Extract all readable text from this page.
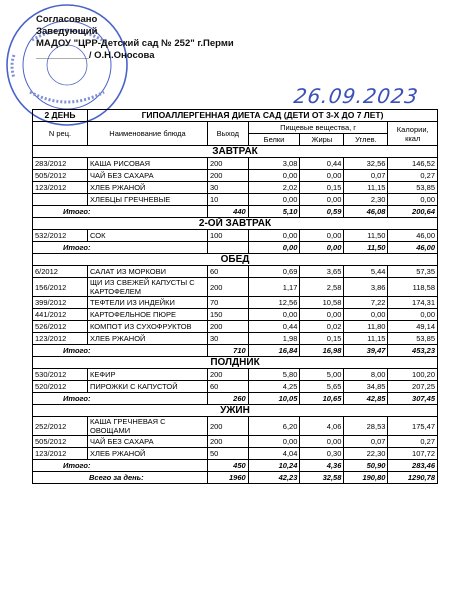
Согласовано
Заведующий
МАДОУ "ЦРР-Детский сад № 252" г.Перми
__________/ О.Н.Оносова
26.09.2023
2 ДЕНЬ	ГИПОАЛЛЕРГЕННАЯ ДИЕТА САД (ДЕТИ ОТ 3-Х ДО 7 ЛЕТ)					
N рец.	Наименование блюда	Выход	Пищевые вещества, г			Калории, ккал
			Белки	Жиры	Углев.	
ЗАВТРАК						
283/2012	КАША РИСОВАЯ	200	3,08	0,44	32,56	146,52
505/2012	ЧАЙ БЕЗ САХАРА	200	0,00	0,00	0,07	0,27
123/2012	ХЛЕБ РЖАНОЙ	30	2,02	0,15	11,15	53,85
	ХЛЕБЦЫ ГРЕЧНЕВЫЕ	10	0,00	0,00	2,30	0,00
Итого:		440	5,10	0,59	46,08	200,64
2-ОЙ ЗАВТРАК						
532/2012	СОК	100	0,00	0,00	11,50	46,00
Итого:			0,00	0,00	11,50	46,00
ОБЕД						
6/2012	САЛАТ ИЗ МОРКОВИ	60	0,69	3,65	5,44	57,35
156/2012	ЩИ ИЗ СВЕЖЕЙ КАПУСТЫ С КАРТОФЕЛЕМ	200	1,17	2,58	3,86	118,58
399/2012	ТЕФТЕЛИ ИЗ ИНДЕЙКИ	70	12,56	10,58	7,22	174,31
441/2012	КАРТОФЕЛЬНОЕ ПЮРЕ	150	0,00	0,00	0,00	0,00
526/2012	КОМПОТ ИЗ СУХОФРУКТОВ	200	0,44	0,02	11,80	49,14
123/2012	ХЛЕБ РЖАНОЙ	30	1,98	0,15	11,15	53,85
Итого:		710	16,84	16,98	39,47	453,23
ПОЛДНИК						
530/2012	КЕФИР	200	5,80	5,00	8,00	100,20
520/2012	ПИРОЖКИ С КАПУСТОЙ	60	4,25	5,65	34,85	207,25
Итого:		260	10,05	10,65	42,85	307,45
УЖИН						
252/2012	КАША ГРЕЧНЕВАЯ С ОВОЩАМИ	200	6,20	4,06	28,53	175,47
505/2012	ЧАЙ БЕЗ САХАРА	200	0,00	0,00	0,07	0,27
123/2012	ХЛЕБ РЖАНОЙ	50	4,04	0,30	22,30	107,72
Итого:		450	10,24	4,36	50,90	283,46
Всего за день:		1960	42,23	32,58	190,80	1290,78
